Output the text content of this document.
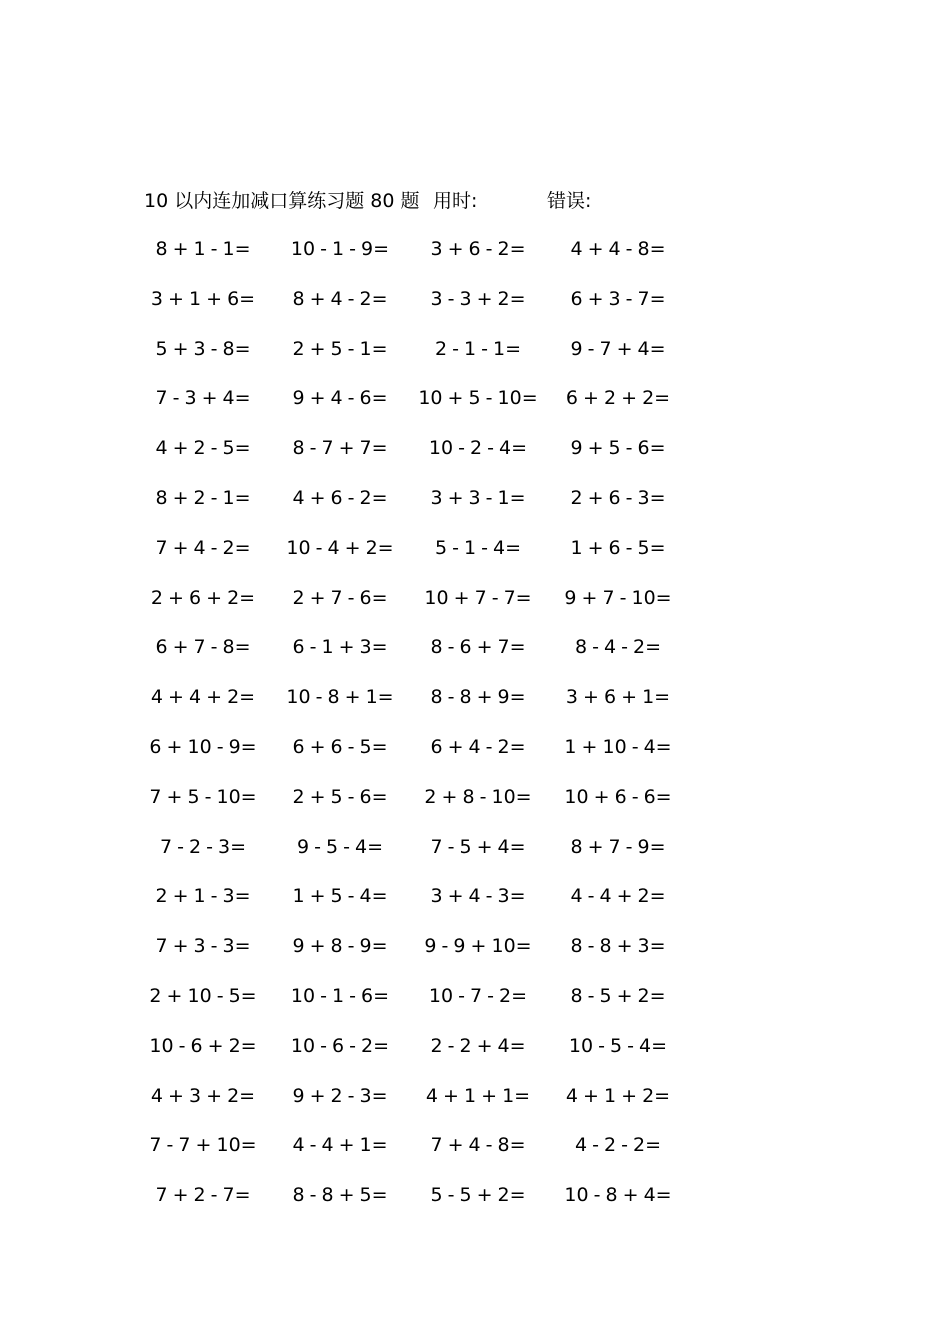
10 以内连加减口算练习题 80 题 用时:	错误:
8 + 1 - 1=	10 - 1 - 9=	3 + 6 - 2=	4 + 4 - 8=
3 + 1 + 6=	8 + 4 - 2=	3 - 3 + 2=	6 + 3 - 7=
5 + 3 - 8=	2 + 5 - 1=	2 - 1 - 1=	9 - 7 + 4=
7 - 3 + 4=	9 + 4 - 6=	10 + 5 - 10=	6 + 2 + 2=
4 + 2 - 5=	8 - 7 + 7=	10 - 2 - 4=	9 + 5 - 6=
8 + 2 - 1=	4 + 6 - 2=	3 + 3 - 1=	2 + 6 - 3=
7 + 4 - 2=	10 - 4 + 2=	5 - 1 - 4=	1 + 6 - 5=
2 + 6 + 2=	2 + 7 - 6=	10 + 7 - 7=	9 + 7 - 10=
6 + 7 - 8=	6 - 1 + 3=	8 - 6 + 7=	8 - 4 - 2=
4 + 4 + 2=	10 - 8 + 1=	8 - 8 + 9=	3 + 6 + 1=
6 + 10 - 9=	6 + 6 - 5=	6 + 4 - 2=	1 + 10 - 4=
7 + 5 - 10=	2 + 5 - 6=	2 + 8 - 10=	10 + 6 - 6=
7 - 2 - 3=	9 - 5 - 4=	7 - 5 + 4=	8 + 7 - 9=
2 + 1 - 3=	1 + 5 - 4=	3 + 4 - 3=	4 - 4 + 2=
7 + 3 - 3=	9 + 8 - 9=	9 - 9 + 10=	8 - 8 + 3=
2 + 10 - 5=	10 - 1 - 6=	10 - 7 - 2=	8 - 5 + 2=
10 - 6 + 2=	10 - 6 - 2=	2 - 2 + 4=	10 - 5 - 4=
4 + 3 + 2=	9 + 2 - 3=	4 + 1 + 1=	4 + 1 + 2=
7 - 7 + 10=	4 - 4 + 1=	7 + 4 - 8=	4 - 2 - 2=
7 + 2 - 7=	8 - 8 + 5=	5 - 5 + 2=	10 - 8 + 4=
